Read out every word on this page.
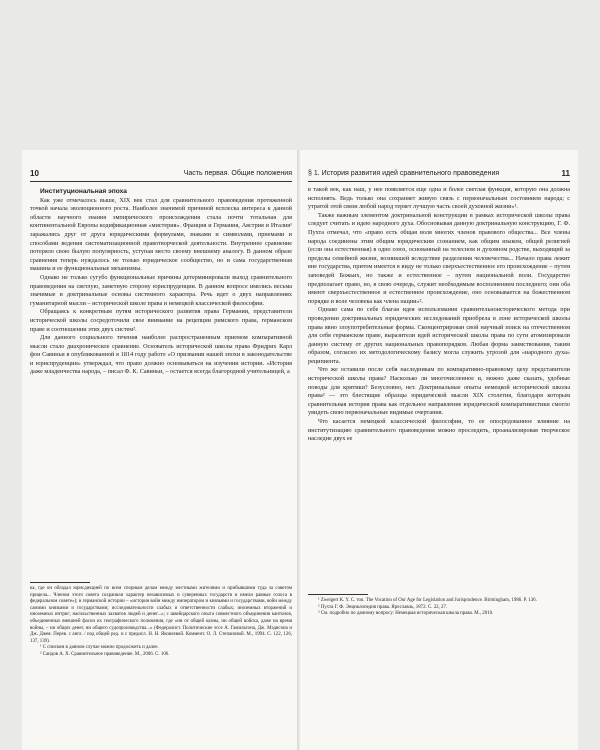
10	Часть первая. Общие положения
Институциональная эпоха

Как уже отмечалось выше, XIX век стал для сравнительного правоведения протяженной точкой начала эволюционного роста. Наиболее значимой причиной всплеска интереса к данной области научного знания эмпирического происхождения стала почти тотальная для континентальной Европы кодификационная «мистерия». Франция и Германия, Австрия и Италия¹ заражались друг от друга юридическими формулами, знаками и символами, приемами и способами ведения систематизационной правотворческой деятельности. Внутреннее сравнение потеряло свою былую популярность, уступая место своему внешнему аналогу. В данном образе сравнения теперь нуждалось не только юридическое сообщество, но и сама государственная машина и ее функциональные механизмы.

Однако не только сугубо функциональные причины детерминировали выход сравнительного правоведения на светлую, заметную сторону юриспруденции. В данном вопросе имелись весьма значимые и доктринальные основы системного характера. Речь идет о двух направлениях гуманитарной мысли – исторической школе права и немецкой классической философии.

Обращаясь к конкретным путям исторического развития права Германии, представители исторической школы сосредоточили свое внимание на рецепции римского права, германском праве и соотношении этих двух систем².

Для данного социального течения наиболее распространенным приемом компаративной мысли стало диахроническое сравнение. Основатель исторической школы права Фридрих Карл фон Савиньи в опубликованной в 1814 году работе «О призвании нашей эпохи в законодательстве и юриспруденции» утверждал, что право должно основываться на изучении истории. «История даже младенчества народа, – писал Ф. К. Савиньи, – остается всегда благородной учительницей, а

ка, где он обладал юрисдикцией по всем спорным делам между местными жителями и прибывшими туда за советом прицела... Членом этого совета сохраняли характер независимых и суверенных государств и имели равные голоса в федеральном совете»); в германской истории – «история войн между императором и князьями и государствами, войн между самими князьями и государствами; исследовательности слабых и ответственности слабых; иноземных вторжений и иноземных интриг; насильственных захватов людей и денег...»; с швейцарского опыта совместного объединения кантонов, объединенных внешней фасон их географического положения, где «ни от общей казны, ни общей войска, даже на время войны, – ни общих денег, ни общего судопроизводства...» (Федералист. Политические эссе А. Гамильтона, Дж. Мэдисона и Дж. Джея. Перев. с англ. / под общей ред. и с предисл. Н. Н. Яковлевой. Коммент. О. Л. Степановой. М., 1994. С. 122, 126, 137, 139).

¹ С списком в данном случае можно продолжить и далее.

² Саидов А. Х. Сравнительное правоведение. М., 2006. С. 106.

§ 1. История развития идей сравнительного правоведения	11

в такой век, как наш, у нее появляется еще одна и более светлая функция, которую она должна исполнять. Ведь только она сохраняет живую связь с первоначальным состоянием народа; с утратой этой связи любой народ теряет лучшую часть своей духовной жизни»¹.

Также важным элементом доктринальной конструкции в рамках исторической школы права следует считать и идею народного духа. Обосновывая данную доктринальную конструкцию, Г. Ф. Пухта отмечал, что «право есть общая воля многих членов правового общества... Все члены народа соединены этим общим юридическим сознанием, как общим языком, общей религией (если она естественная) в одно союз, основанный на телесном и духовном родстве, выходящий за пределы семейной жизни, возникшей вследствие разделения человечества... Начало права лежит вне государства, притом имеется в виду не только сверхъестественное его происхождение – путем заповедей Божьих, но также и естественное – путем национальной воли. Государство предполагает право, но, в свою очередь, служит необходимым восполнением последнего; они оба имеют сверхъестественное и естественное происхождение, оно основывается на божественном порядке и воле человека как члена нации»².

Однако сама по себе благая идея использования сравнительноисторического метода при проведении доктринальных юридических исследований приобрела в лоне исторической школы права явно злоупотребительные формы. Сконцентрирован свой научный поиск на отечественном для себя германском праве, выразители идей исторической школы права по сути атомизировали данную систему от других национальных правопорядков. Любая форма заимствования, таким образом, согласно их методологическому базису могла служить угрозой для «народного духа» реципиента.

Что же оставили после себя наследникам по компаративно-правовому цеху представители исторической школы права? Насколько ли многочисленное и, можно даже сказать, удобные поводы для критики? Безусловно, нет. Доктринальные опыты немецкой исторической школы права³ — это блестящие образцы юридической мысли XIX столетия, благодаря которым сравнительная история права как отдельное направление юридической компаративистики смогло увидеть свою первоначальные видимые очертания.

Что касается немецкой классической философии, то ее опосредованное влияние на институтизацию сравнительного правоведения можно проследить, проанализировав творческое наследие двух ее

¹ Zweigert K. Y. C. тоn. The Vocation of Our Age for Legislation and Jurisprudence. Birmingham, 1986. P. 136.

² Пухта Г. Ф. Энциклопедия права. Ярославль, 1872. С. 22, 27.

³ См. подробно по данному вопросу: Немецкая историческая школа права. М., 2010.
